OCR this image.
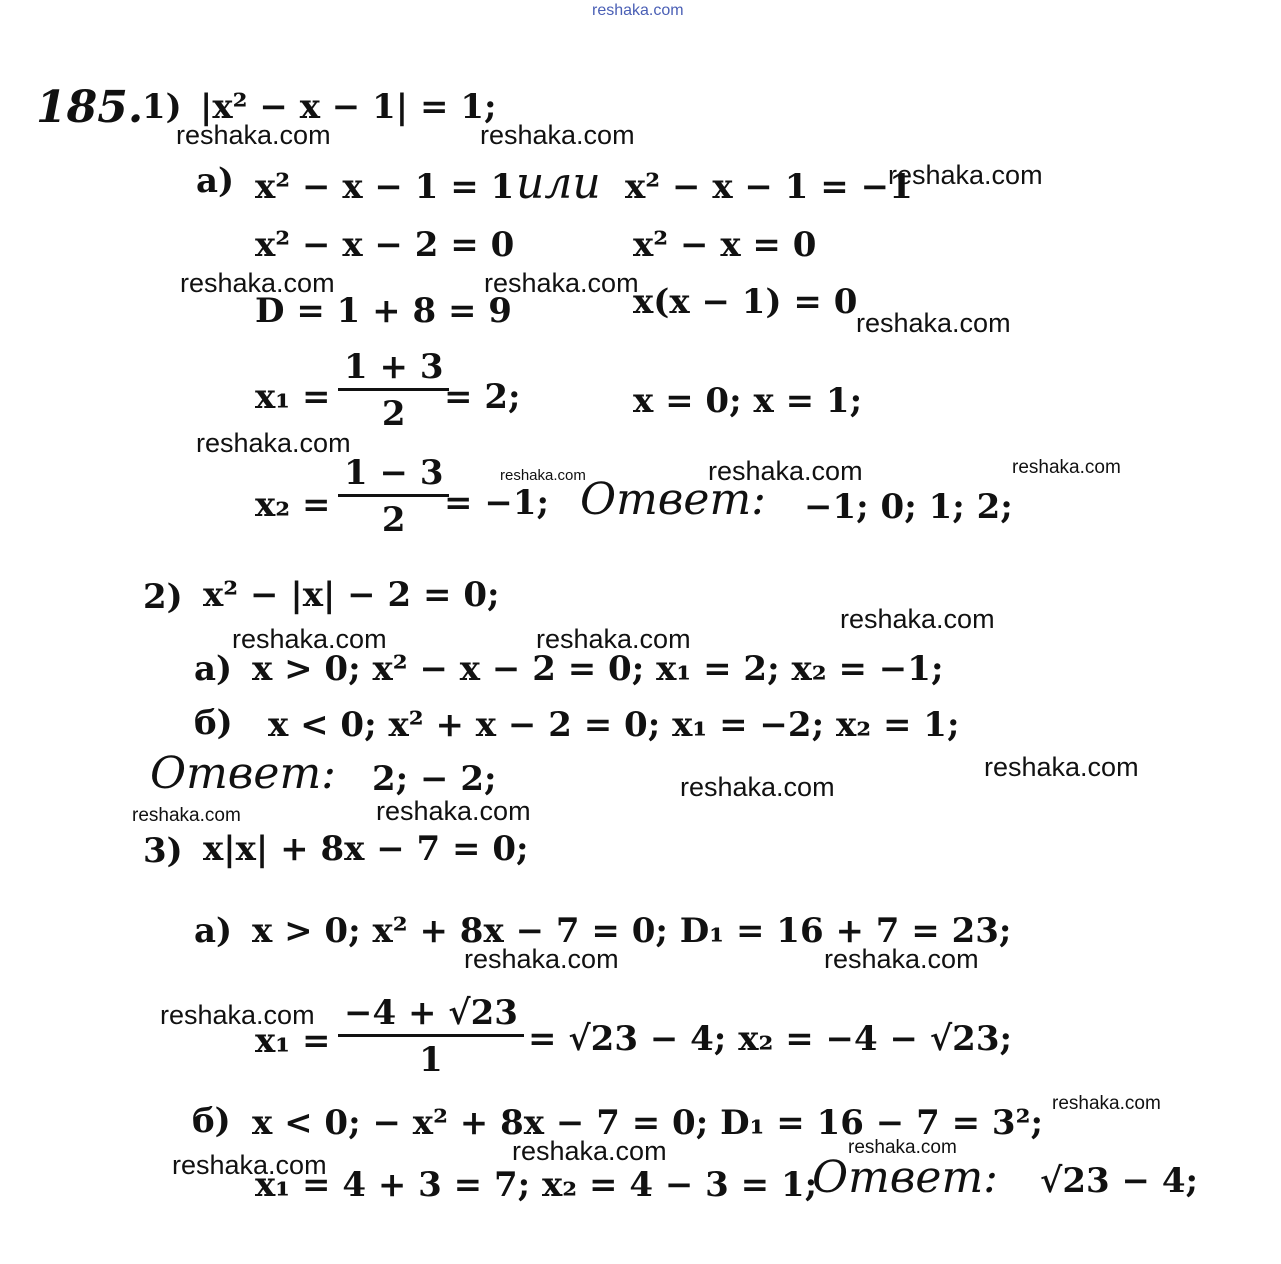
reshaka.com
185.
1) |x² − x − 1| = 1;
reshaka.com	reshaka.com
а) x² − x − 1 = 1 или x² − x − 1 = −1
reshaka.com
x² − x − 2 = 0	x² − x = 0
reshaka.com	reshaka.com
D = 1 + 8 = 9	x(x − 1) = 0
reshaka.com
$x_1 = \frac{1 + 3}{2}$
= 2;	x = 0; x = 1;
reshaka.com
$x_2 = \frac{1 - 3}{2}$
= −1;
reshaka.com
Ответ:
reshaka.com	reshaka.com
−1; 0; 1; 2;
2) x² − |x| − 2 = 0;
reshaka.com
reshaka.com	reshaka.com
а) x > 0; x² − x − 2 = 0; x₁ = 2; x₂ = −1;
б) x < 0; x² + x − 2 = 0; x₁ = −2; x₂ = 1;
Ответ: 2; − 2;	reshaka.com
reshaka.com
reshaka.com
reshaka.com
3) x|x| + 8x − 7 = 0;
а) x > 0; x² + 8x − 7 = 0; D₁ = 16 + 7 = 23;
reshaka.com	reshaka.com
reshaka.com
$x_1 = \frac{-4 + √23}{1} = √23 - 4$; x₂ = −4 − √23;
б) x < 0; − x² + 8x − 7 = 0; D₁ = 16 − 7 = 3²; reshaka.com
reshaka.com
reshaka.com
reshaka.com
x₁ = 4 + 3 = 7; x₂ = 4 − 3 = 1;
Ответ: √23 − 4;
